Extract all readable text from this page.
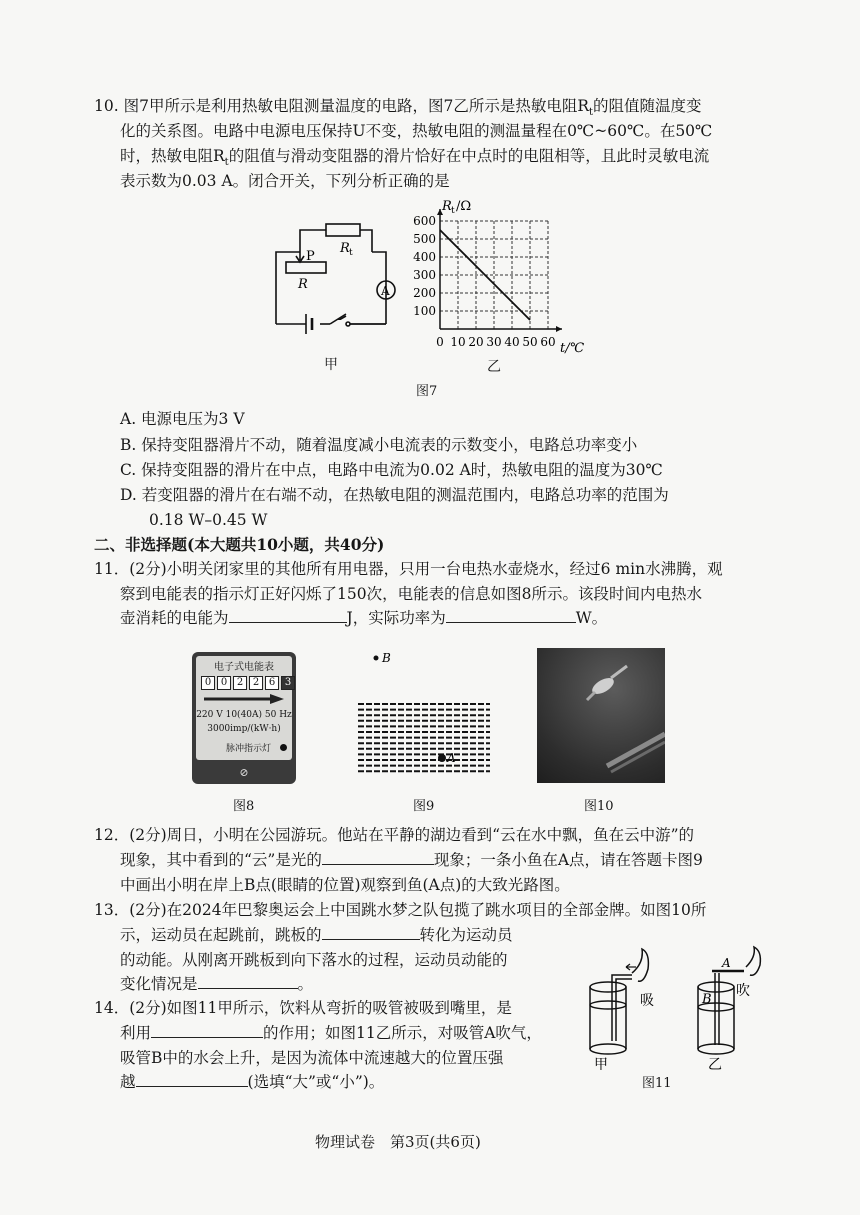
10. 图7甲所示是利用热敏电阻测量温度的电路，图7乙所示是热敏电阻$R_t$的阻值随温度变
化的关系图。电路中电源电压保持U不变，热敏电阻的测温量程在0℃~60℃。在50℃
时，热敏电阻$R_t$的阻值与滑动变阻器的滑片恰好在中点时的电阻相等，且此时灵敏电流
表示数为0.03 A。闭合开关，下列分析正确的是
P
R
R t
A
甲
0 10 20 30 40 50 60
100
200
300
400
500
600
R t /Ω
t/℃
乙
图7
A. 电源电压为3 V
B. 保持变阻器滑片不动，随着温度减小电流表的示数变小，电路总功率变小
C. 保持变阻器的滑片在中点，电路中电流为0.02 A时，热敏电阻的温度为30℃
D. 若变阻器的滑片在右端不动，在热敏电阻的测温范围内，电路总功率的范围为
0.18 W–0.45 W
二、非选择题(本大题共10小题，共40分)
11．(2分)小明关闭家里的其他所有用电器，只用一台电热水壶烧水，经过6 min水沸腾，观
察到电能表的指示灯正好闪烁了150次，电能表的信息如图8所示。该段时间内电热水
壶消耗的电能为	J，实际功率为	W。
电子式电能表
0 0 2 2 6 3
220 V 10(40A) 50 Hz
3000imp/(kW·h)
脉冲指示灯
⊘
图8
B
A
图9	图10
12．(2分)周日，小明在公园游玩。他站在平静的湖边看到“云在水中飘，鱼在云中游”的
现象，其中看到的“云”是光的	现象；一条小鱼在A点，请在答题卡图9
中画出小明在岸上B点(眼睛的位置)观察到鱼(A点)的大致光路图。
13．(2分)在2024年巴黎奥运会上中国跳水梦之队包揽了跳水项目的全部金牌。如图10所
示，运动员在起跳前，跳板的	转化为运动员
的动能。从刚离开跳板到向下落水的过程，运动员动能的
变化情况是	。
14．(2分)如图11甲所示，饮料从弯折的吸管被吸到嘴里，是
利用	的作用；如图11乙所示，对吸管A吹气，
吸管B中的水会上升，是因为流体中流速越大的位置压强
越	(选填“大”或“小”)。
吸
吹
A
B
甲	乙
图11
物理试卷　第3页(共6页)
